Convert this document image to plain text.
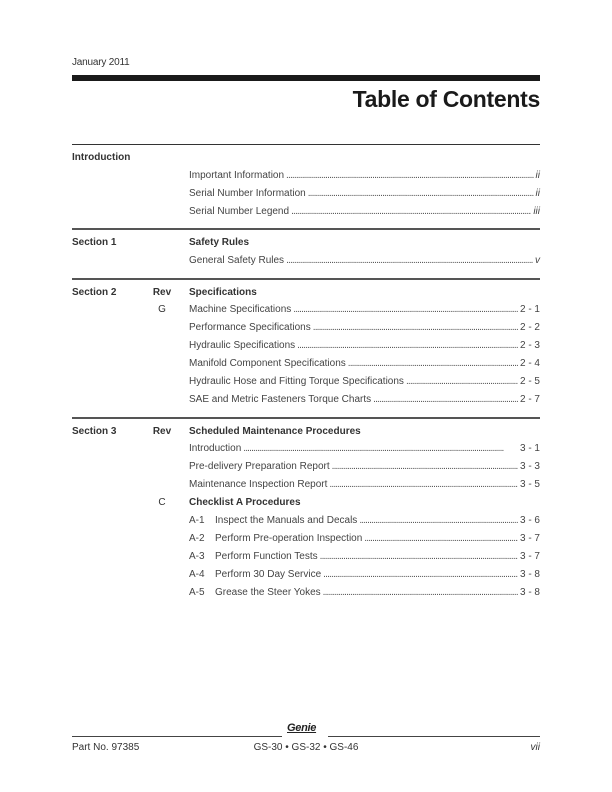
January 2011
Table of Contents
Introduction
Important Information . . .	ii
Serial Number Information . . .	ii
Serial Number Legend . . .	iii
Section 1	Safety Rules
General Safety Rules . . .	v
Section 2	Rev Specifications
G	Machine Specifications . . .	2 - 1
Performance Specifications . . .	2 - 2
Hydraulic Specifications . . .	2 - 3
Manifold Component Specifications . . .	2 - 4
Hydraulic Hose and Fitting Torque Specifications . . .	2 - 5
SAE and Metric Fasteners Torque Charts . . .	2 - 7
Section 3	Rev Scheduled Maintenance Procedures
Introduction . . .	3 - 1
Pre-delivery Preparation Report . . .	3 - 3
Maintenance Inspection Report . . .	3 - 5
C	Checklist A Procedures
A-1	Inspect the Manuals and Decals . . .	3 - 6
A-2	Perform Pre-operation Inspection . . .	3 - 7
A-3	Perform Function Tests . . .	3 - 7
A-4	Perform 30 Day Service . . .	3 - 8
A-5	Grease the Steer Yokes . . .	3 - 8
Genie
Part No. 97385	GS-30 • GS-32 • GS-46	vii
